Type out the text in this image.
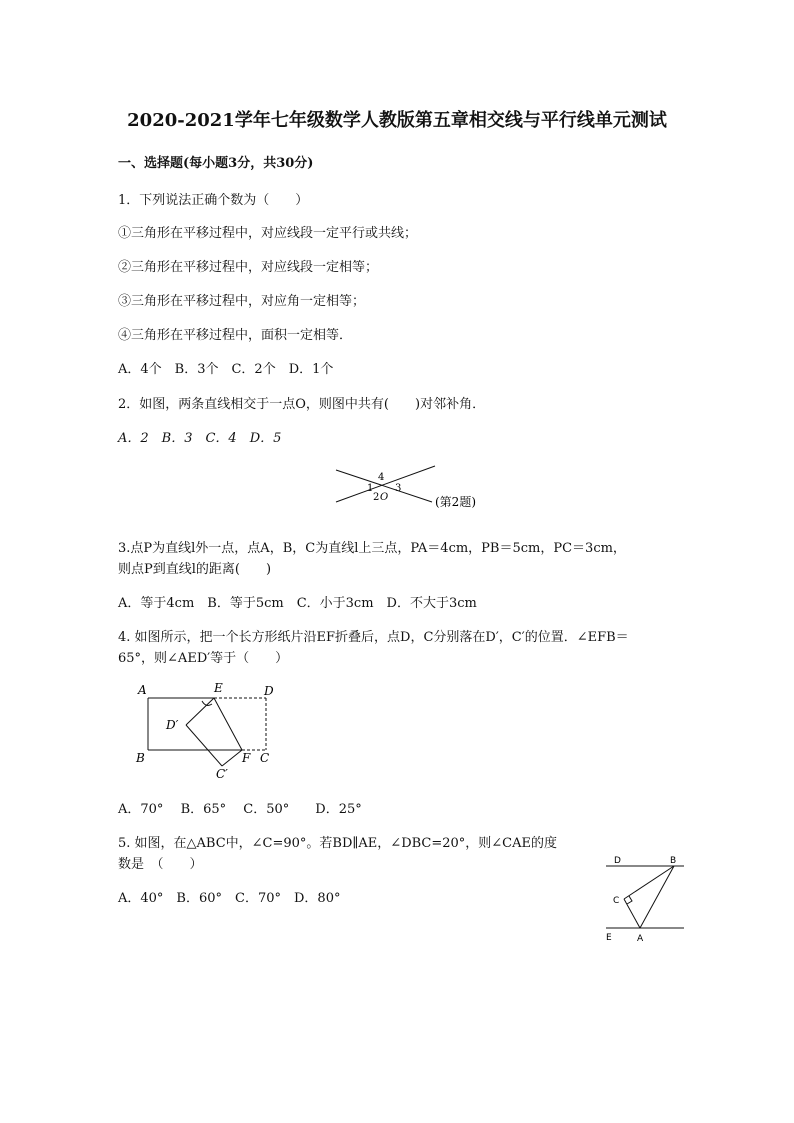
2020-2021学年七年级数学人教版第五章相交线与平行线单元测试
一、选择题(每小题3分，共30分)
1．下列说法正确个数为（　　）
①三角形在平移过程中，对应线段一定平行或共线；
②三角形在平移过程中，对应线段一定相等；
③三角形在平移过程中，对应角一定相等；
④三角形在平移过程中，面积一定相等．
A．4个　B．3个　C．2个　D．1个
2．如图，两条直线相交于一点O，则图中共有(　　)对邻补角．
A．2　B．3　C．4　D．5
4
1 3
2 O	(第2题)
3.点P为直线l外一点，点A，B，C为直线l上三点，PA＝4cm，PB＝5cm，PC＝3cm，
则点P到直线l的距离(　　)
A．等于4cm　B．等于5cm　C．小于3cm　D．不大于3cm
4. 如图所示，把一个长方形纸片沿EF折叠后，点D，C分别落在D′，C′的位置．∠EFB＝
65°，则∠AED′等于（　　）
A	E	D
D′
B	F C
C′
A．70°　 B．65°　 C．50°　　D．25°
5. 如图，在△ABC中，∠C=90°。若BD∥AE，∠DBC=20°，则∠CAE的度
数是　（　　）
A．40°　B．60°　C．70°　D．80°
D	B
C
E	A
